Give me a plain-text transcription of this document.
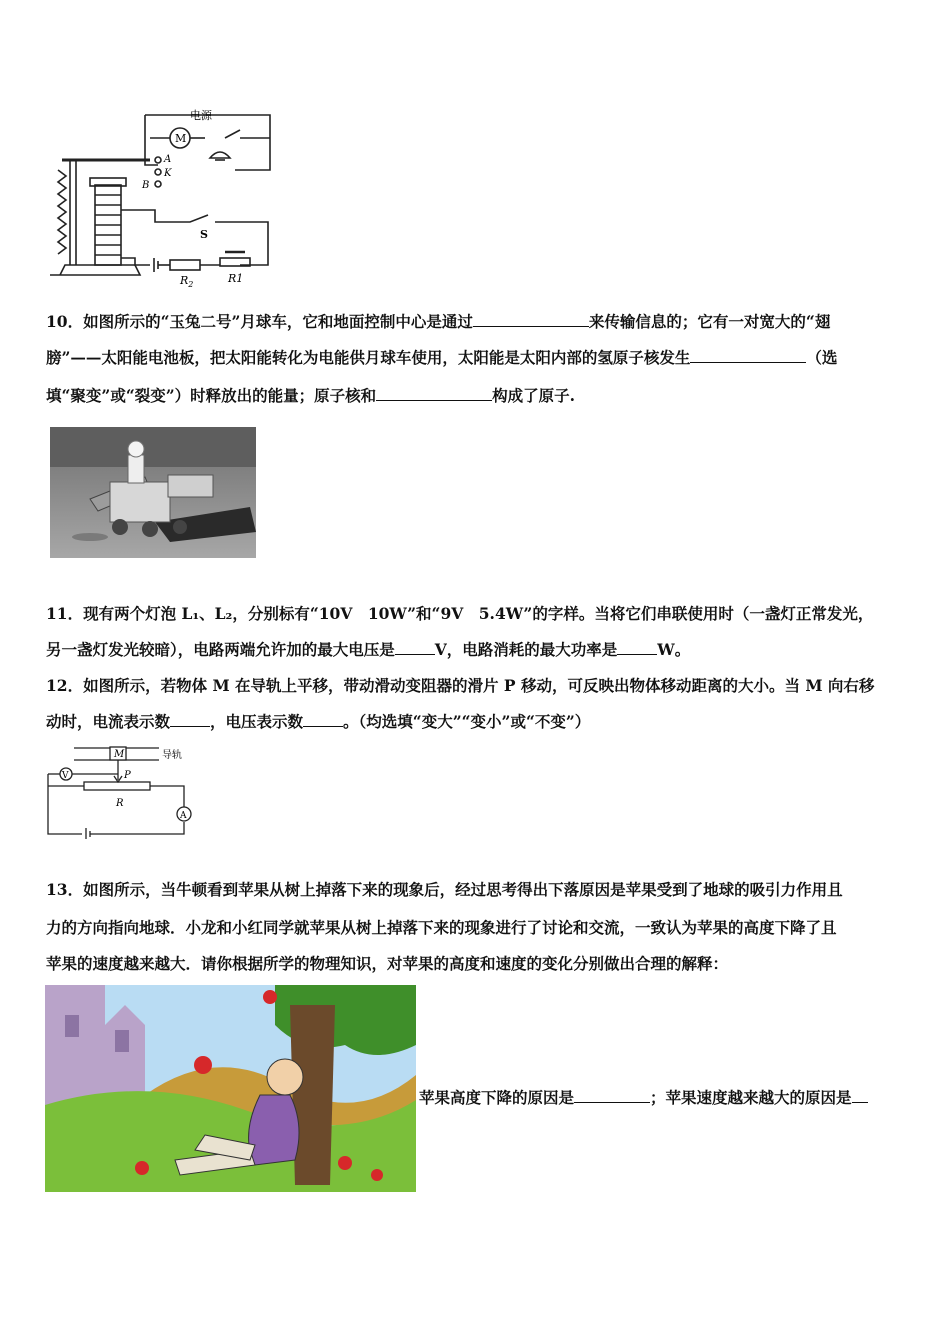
电源
M
A
K
B
S
$R_2$	R1
10．如图所示的“玉兔二号”月球车，它和地面控制中心是通过	来传输信息的；它有一对宽大的“翅
膀”——太阳能电池板，把太阳能转化为电能供月球车使用，太阳能是太阳内部的氢原子核发生	（选
填“聚变”或“裂变”）时释放出的能量；原子核和	构成了原子.
11．现有两个灯泡 L₁、L₂，分别标有“10V　10W”和“9V　5.4W”的字样。当将它们串联使用时（一盏灯正常发光，
另一盏灯发光较暗），电路两端允许加的最大电压是	V，电路消耗的最大功率是	W。
12．如图所示，若物体 M 在导轨上平移，带动滑动变阻器的滑片 P 移动，可反映出物体移动距离的大小。当 M 向右移
动时，电流表示数	，电压表示数	。（均选填“变大”“变小”或“不变”）
M	导轨
V	P
R
A
13．如图所示，当牛顿看到苹果从树上掉落下来的现象后，经过思考得出下落原因是苹果受到了地球的吸引力作用且
力的方向指向地球．小龙和小红同学就苹果从树上掉落下来的现象进行了讨论和交流，一致认为苹果的高度下降了且
苹果的速度越来越大．请你根据所学的物理知识，对苹果的高度和速度的变化分别做出合理的解释：
苹果高度下降的原因是	；苹果速度越来越大的原因是
